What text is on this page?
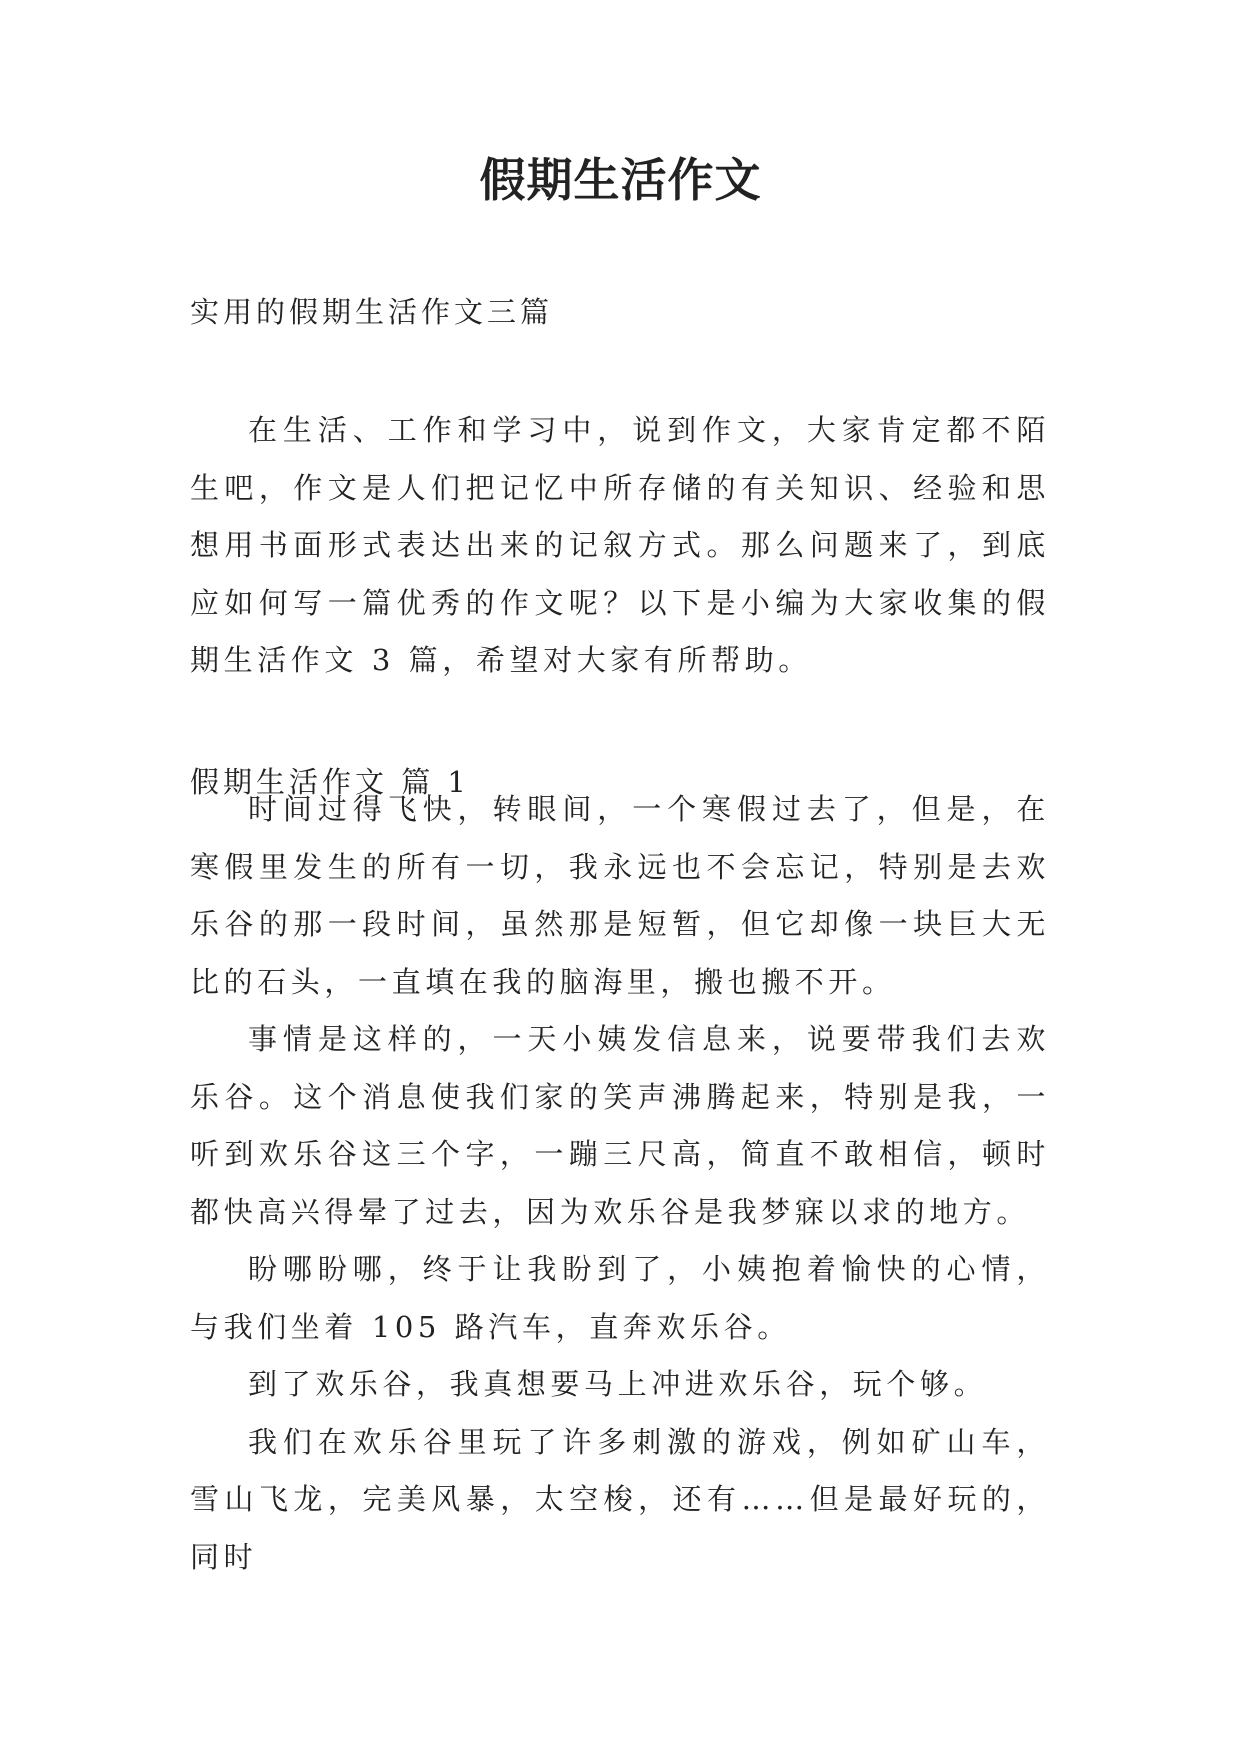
假期生活作文
实用的假期生活作文三篇

在生活、工作和学习中，说到作文，大家肯定都不陌生吧，作文是人们把记忆中所存储的有关知识、经验和思想用书面形式表达出来的记叙方式。那么问题来了，到底应如何写一篇优秀的作文呢？以下是小编为大家收集的假期生活作文 3 篇，希望对大家有所帮助。

假期生活作文 篇 1

时间过得飞快，转眼间，一个寒假过去了，但是，在寒假里发生的所有一切，我永远也不会忘记，特别是去欢乐谷的那一段时间，虽然那是短暂，但它却像一块巨大无比的石头，一直填在我的脑海里，搬也搬不开。

事情是这样的，一天小姨发信息来，说要带我们去欢乐谷。这个消息使我们家的笑声沸腾起来，特别是我，一听到欢乐谷这三个字，一蹦三尺高，简直不敢相信，顿时都快高兴得晕了过去，因为欢乐谷是我梦寐以求的地方。

盼哪盼哪，终于让我盼到了，小姨抱着愉快的心情，与我们坐着 105 路汽车，直奔欢乐谷。

到了欢乐谷，我真想要马上冲进欢乐谷，玩个够。

我们在欢乐谷里玩了许多刺激的游戏，例如矿山车，雪山飞龙，完美风暴，太空梭，还有……但是最好玩的，同时
